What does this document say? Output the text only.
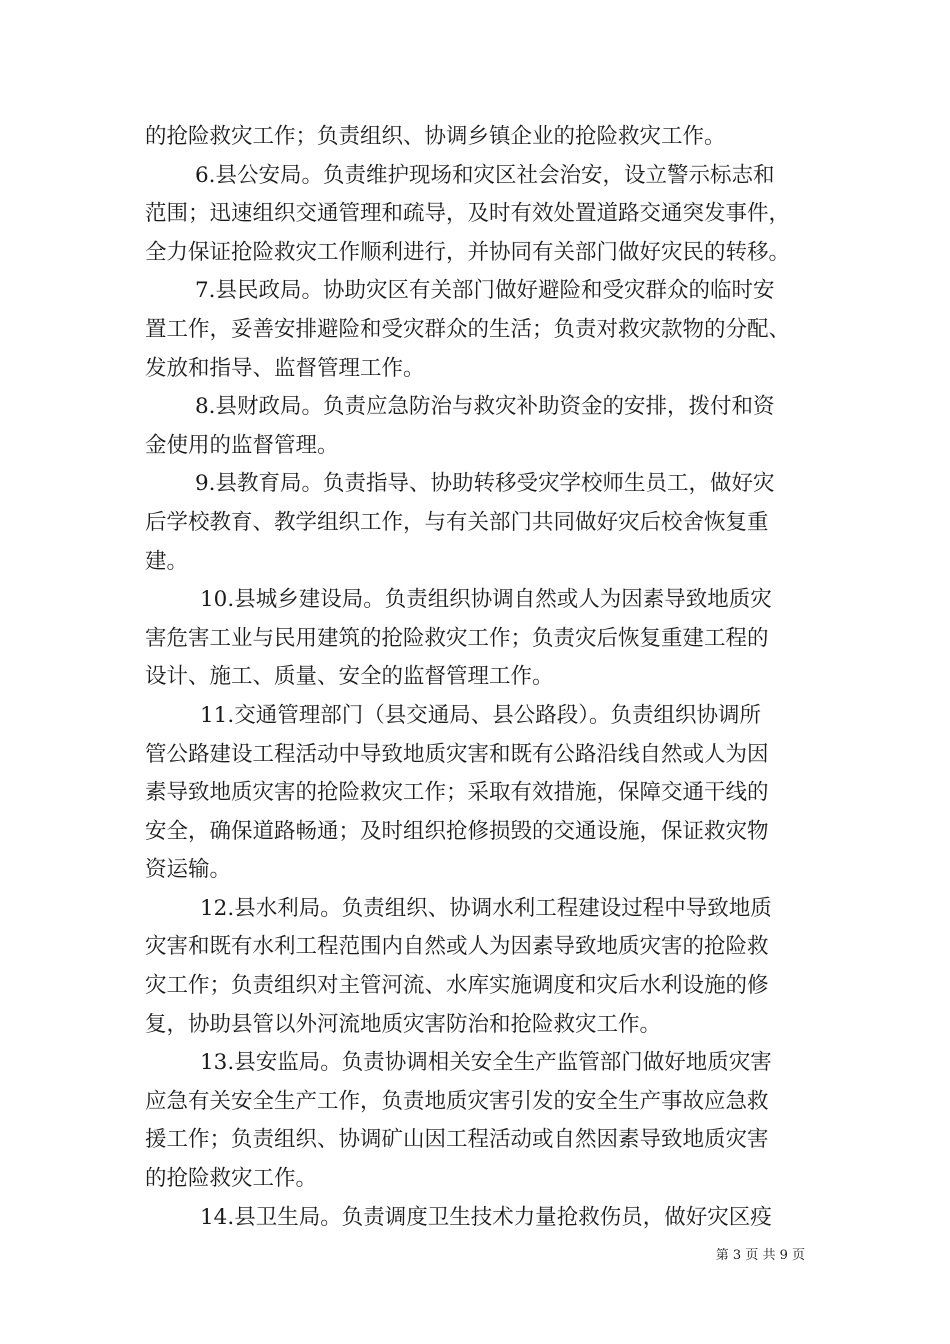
的抢险救灾工作；负责组织、协调乡镇企业的抢险救灾工作。
6.县公安局。负责维护现场和灾区社会治安，设立警示标志和
范围；迅速组织交通管理和疏导，及时有效处置道路交通突发事件，
全力保证抢险救灾工作顺利进行，并协同有关部门做好灾民的转移。
7.县民政局。协助灾区有关部门做好避险和受灾群众的临时安
置工作，妥善安排避险和受灾群众的生活；负责对救灾款物的分配、
发放和指导、监督管理工作。
8.县财政局。负责应急防治与救灾补助资金的安排，拨付和资
金使用的监督管理。
9.县教育局。负责指导、协助转移受灾学校师生员工，做好灾
后学校教育、教学组织工作，与有关部门共同做好灾后校舍恢复重
建。
10.县城乡建设局。负责组织协调自然或人为因素导致地质灾
害危害工业与民用建筑的抢险救灾工作；负责灾后恢复重建工程的
设计、施工、质量、安全的监督管理工作。
11.交通管理部门（县交通局、县公路段）。负责组织协调所
管公路建设工程活动中导致地质灾害和既有公路沿线自然或人为因
素导致地质灾害的抢险救灾工作；采取有效措施，保障交通干线的
安全，确保道路畅通；及时组织抢修损毁的交通设施，保证救灾物
资运输。
12.县水利局。负责组织、协调水利工程建设过程中导致地质
灾害和既有水利工程范围内自然或人为因素导致地质灾害的抢险救
灾工作；负责组织对主管河流、水库实施调度和灾后水利设施的修
复，协助县管以外河流地质灾害防治和抢险救灾工作。
13.县安监局。负责协调相关安全生产监管部门做好地质灾害
应急有关安全生产工作，负责地质灾害引发的安全生产事故应急救
援工作；负责组织、协调矿山因工程活动或自然因素导致地质灾害
的抢险救灾工作。
14.县卫生局。负责调度卫生技术力量抢救伤员，做好灾区疫
第 3 页 共 9 页
